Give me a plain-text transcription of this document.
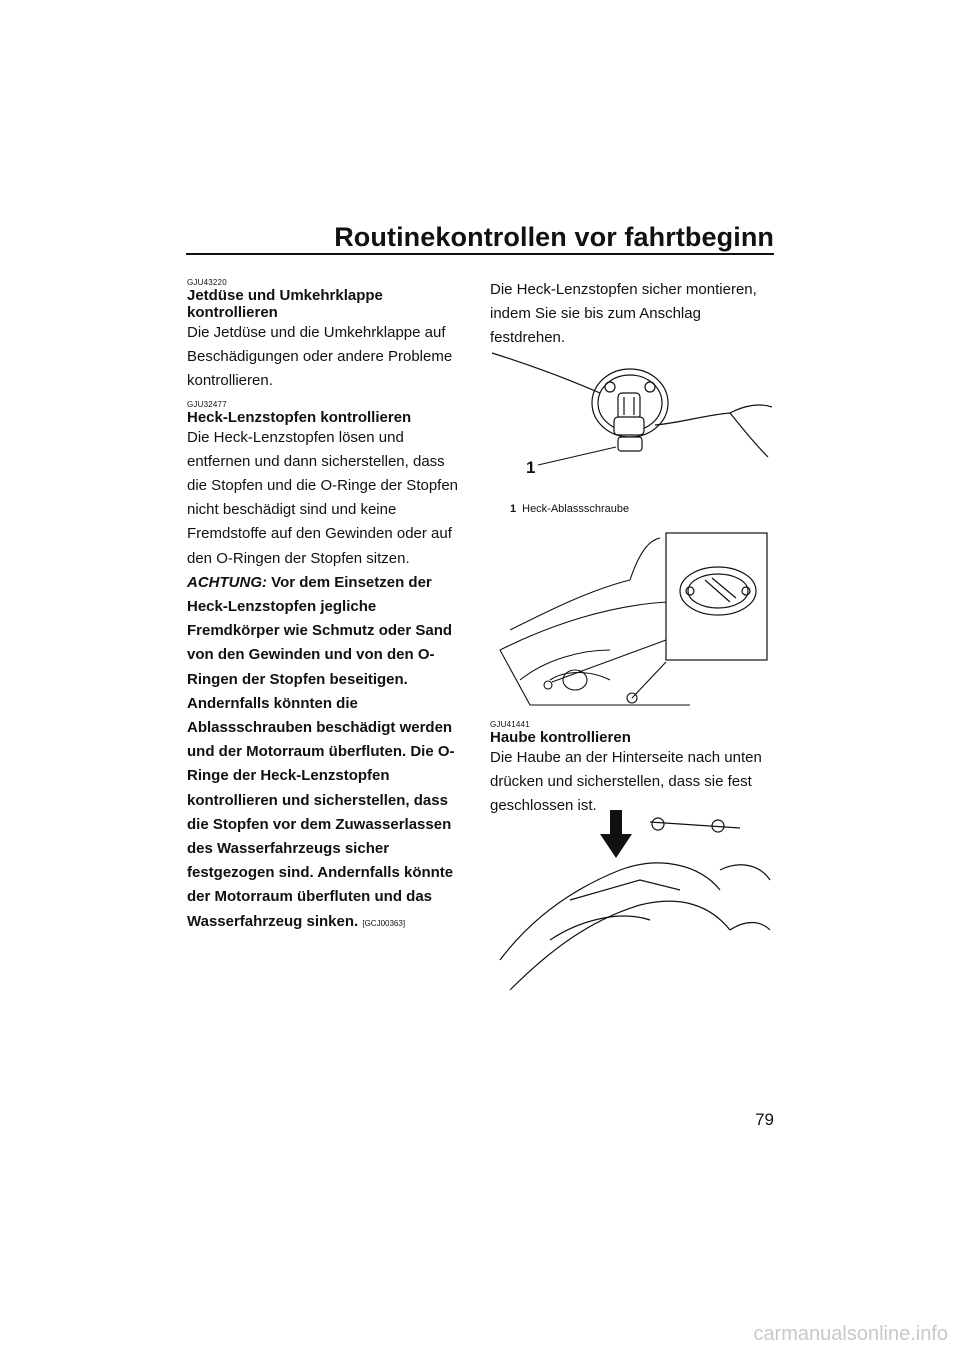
Routinekontrollen vor fahrtbeginn
GJU43220
Jetdüse und Umkehrklappe kontrollieren

Die Jetdüse und die Umkehrklappe auf Beschädigungen oder andere Probleme kontrollieren.

GJU32477
Heck-Lenzstopfen kontrollieren

Die Heck-Lenzstopfen lösen und entfernen und dann sicherstellen, dass die Stopfen und die O-Ringe der Stopfen nicht beschädigt sind und keine Fremdstoffe auf den Gewinden oder auf den O-Ringen der Stopfen sitzen. ACHTUNG: Vor dem Einsetzen der Heck-Lenzstopfen jegliche Fremdkörper wie Schmutz oder Sand von den Gewinden und von den O-Ringen der Stopfen beseitigen. Andernfalls könnten die Ablassschrauben beschädigt werden und der Motorraum überfluten. Die O-Ringe der Heck-Lenzstopfen kontrollieren und sicherstellen, dass die Stopfen vor dem Zuwasserlassen des Wasserfahrzeugs sicher festgezogen sind. Andernfalls könnte der Motorraum überfluten und das Wasserfahrzeug sinken. [GCJ00363]

Die Heck-Lenzstopfen sicher montieren, indem Sie sie bis zum Anschlag festdrehen.

1
1 Heck-Ablassschraube
GJU41441
Haube kontrollieren

Die Haube an der Hinterseite nach unten drücken und sicherstellen, dass sie fest geschlossen ist.

79
carmanualsonline.info
